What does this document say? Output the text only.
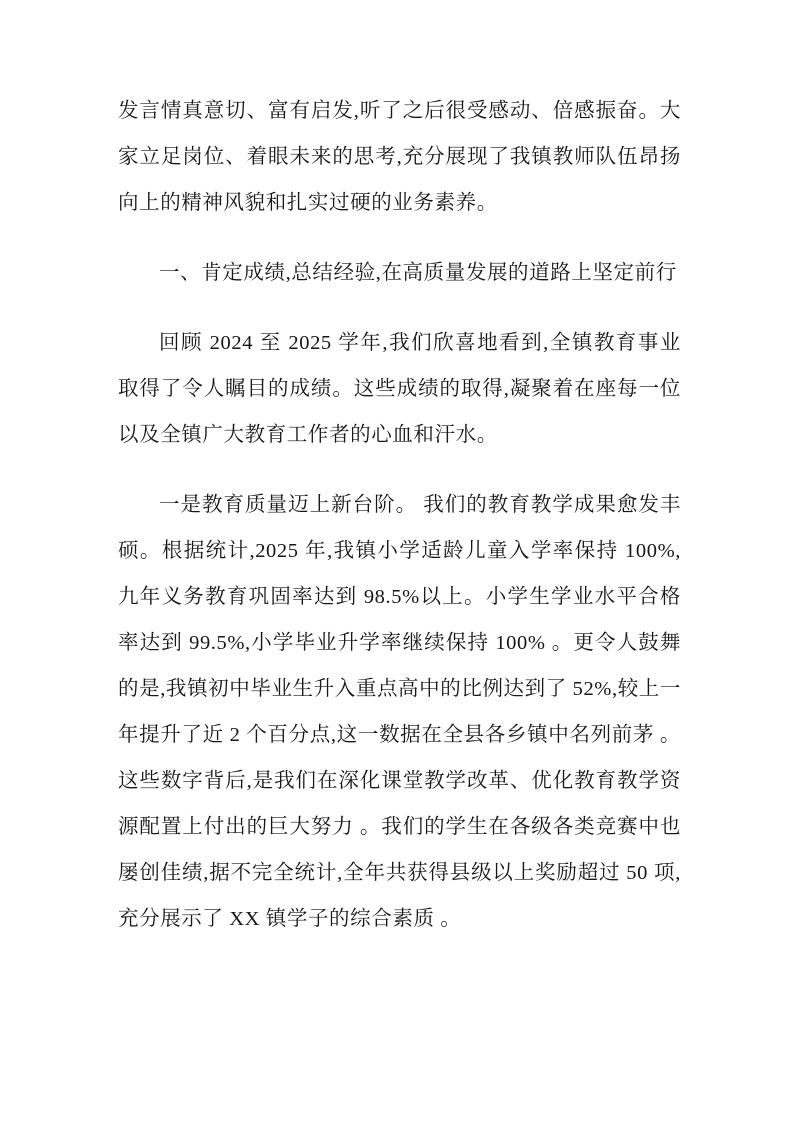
发言情真意切、富有启发,听了之后很受感动、倍感振奋。大家立足岗位、着眼未来的思考,充分展现了我镇教师队伍昂扬向上的精神风貌和扎实过硬的业务素养。

一、肯定成绩,总结经验,在高质量发展的道路上坚定前行

回顾 2024 至 2025 学年,我们欣喜地看到,全镇教育事业取得了令人瞩目的成绩。这些成绩的取得,凝聚着在座每一位以及全镇广大教育工作者的心血和汗水。

一是教育质量迈上新台阶。 我们的教育教学成果愈发丰硕。根据统计,2025 年,我镇小学适龄儿童入学率保持 100%,九年义务教育巩固率达到 98.5%以上。小学生学业水平合格率达到 99.5%,小学毕业升学率继续保持 100% 。更令人鼓舞的是,我镇初中毕业生升入重点高中的比例达到了 52%,较上一年提升了近 2 个百分点,这一数据在全县各乡镇中名列前茅 。这些数字背后,是我们在深化课堂教学改革、优化教育教学资源配置上付出的巨大努力 。我们的学生在各级各类竞赛中也屡创佳绩,据不完全统计,全年共获得县级以上奖励超过 50 项,充分展示了 XX 镇学子的综合素质 。
